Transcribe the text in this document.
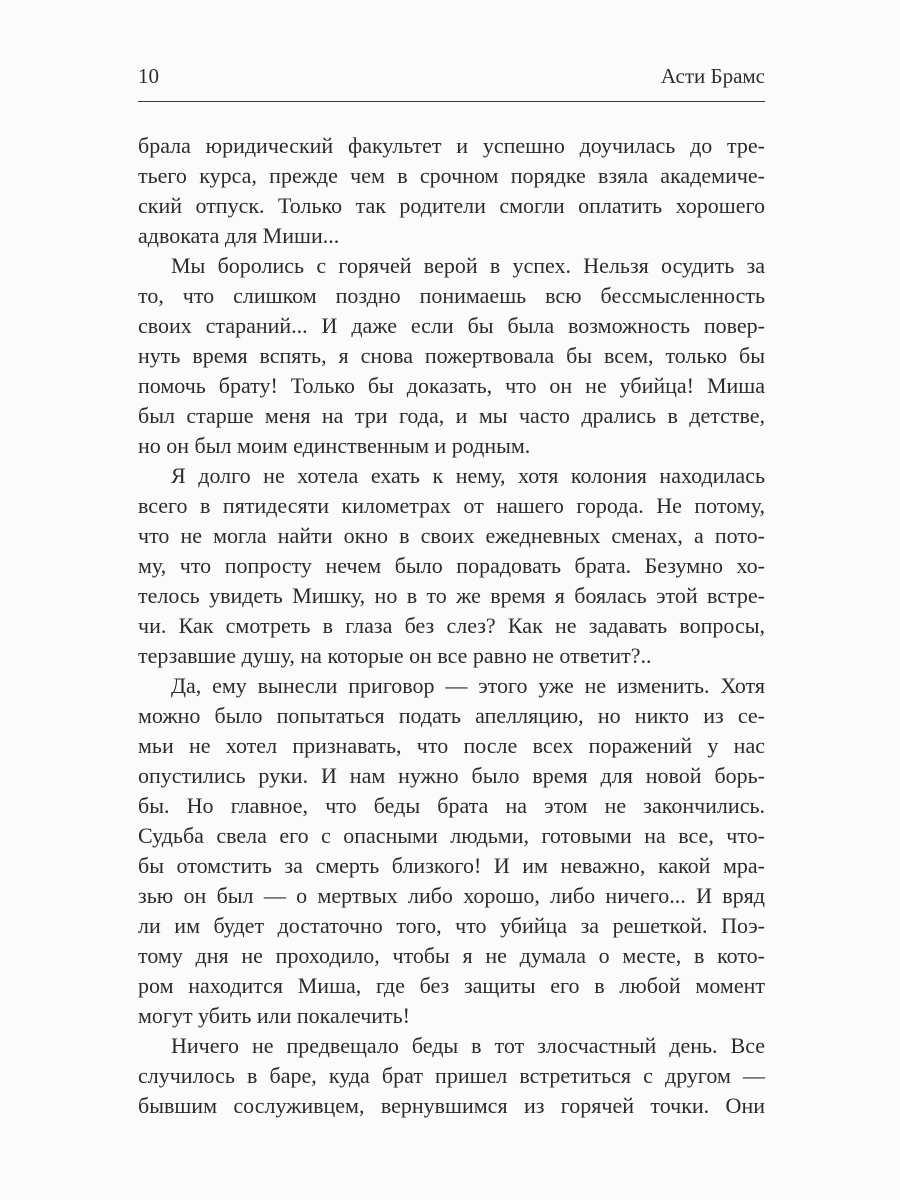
10	Асти Брамс
брала юридический факультет и успешно доучилась до тре-
тьего курса, прежде чем в срочном порядке взяла академиче-
ский отпуск. Только так родители смогли оплатить хорошего
адвоката для Миши...
Мы боролись с горячей верой в успех. Нельзя осудить за
то, что слишком поздно понимаешь всю бессмысленность
своих стараний... И даже если бы была возможность повер-
нуть время вспять, я снова пожертвовала бы всем, только бы
помочь брату! Только бы доказать, что он не убийца! Миша
был старше меня на три года, и мы часто дрались в детстве,
но он был моим единственным и родным.
Я долго не хотела ехать к нему, хотя колония находилась
всего в пятидесяти километрах от нашего города. Не потому,
что не могла найти окно в своих ежедневных сменах, а пото-
му, что попросту нечем было порадовать брата. Безумно хо-
телось увидеть Мишку, но в то же время я боялась этой встре-
чи. Как смотреть в глаза без слез? Как не задавать вопросы,
терзавшие душу, на которые он все равно не ответит?..
Да, ему вынесли приговор — этого уже не изменить. Хотя
можно было попытаться подать апелляцию, но никто из се-
мьи не хотел признавать, что после всех поражений у нас
опустились руки. И нам нужно было время для новой борь-
бы. Но главное, что беды брата на этом не закончились.
Судьба свела его с опасными людьми, готовыми на все, что-
бы отомстить за смерть близкого! И им неважно, какой мра-
зью он был — о мертвых либо хорошо, либо ничего... И вряд
ли им будет достаточно того, что убийца за решеткой. Поэ-
тому дня не проходило, чтобы я не думала о месте, в кото-
ром находится Миша, где без защиты его в любой момент
могут убить или покалечить!
Ничего не предвещало беды в тот злосчастный день. Все
случилось в баре, куда брат пришел встретиться с другом —
бывшим сослуживцем, вернувшимся из горячей точки. Они
